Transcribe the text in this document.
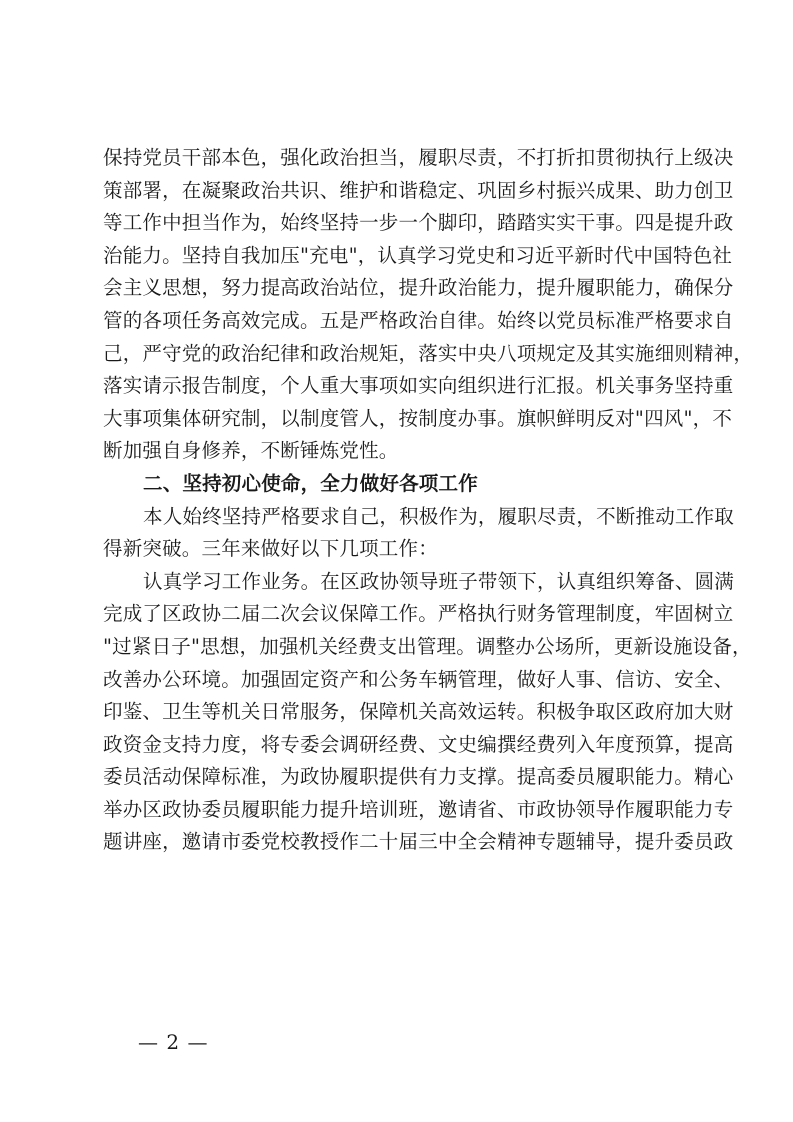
保持党员干部本色，强化政治担当，履职尽责，不打折扣贯彻执行上级决
策部署，在凝聚政治共识、维护和谐稳定、巩固乡村振兴成果、助力创卫
等工作中担当作为，始终坚持一步一个脚印，踏踏实实干事。四是提升政
治能力。坚持自我加压"充电"，认真学习党史和习近平新时代中国特色社
会主义思想，努力提高政治站位，提升政治能力，提升履职能力，确保分
管的各项任务高效完成。五是严格政治自律。始终以党员标准严格要求自
己，严守党的政治纪律和政治规矩，落实中央八项规定及其实施细则精神，
落实请示报告制度，个人重大事项如实向组织进行汇报。机关事务坚持重
大事项集体研究制，以制度管人，按制度办事。旗帜鲜明反对"四风"，不
断加强自身修养，不断锤炼党性。
二、坚持初心使命，全力做好各项工作
本人始终坚持严格要求自己，积极作为，履职尽责，不断推动工作取
得新突破。三年来做好以下几项工作：
认真学习工作业务。在区政协领导班子带领下，认真组织筹备、圆满
完成了区政协二届二次会议保障工作。严格执行财务管理制度，牢固树立
"过紧日子"思想，加强机关经费支出管理。调整办公场所，更新设施设备，
改善办公环境。加强固定资产和公务车辆管理，做好人事、信访、安全、
印鉴、卫生等机关日常服务，保障机关高效运转。积极争取区政府加大财
政资金支持力度，将专委会调研经费、文史编撰经费列入年度预算，提高
委员活动保障标准，为政协履职提供有力支撑。提高委员履职能力。精心
举办区政协委员履职能力提升培训班，邀请省、市政协领导作履职能力专
题讲座，邀请市委党校教授作二十届三中全会精神专题辅导，提升委员政
— 2 —
